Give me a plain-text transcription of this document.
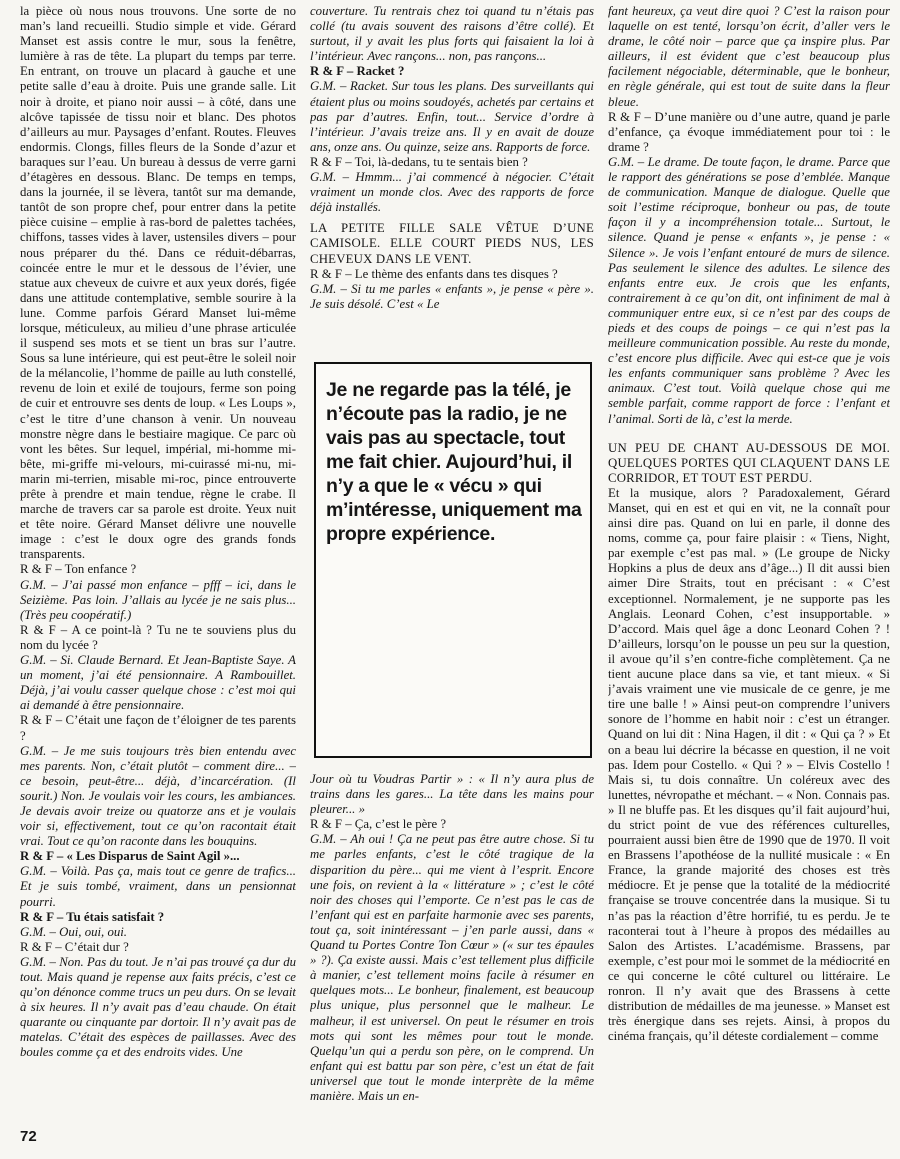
la pièce où nous nous trouvons. Une sorte de no man’s land recueilli. Studio simple et vide. Gérard Manset est assis contre le mur, sous la fenêtre, lumière à ras de tête. La plupart du temps par terre. En entrant, on trouve un placard à gauche et une petite salle d’eau à droite. Puis une grande salle. Lit noir à droite, et piano noir aussi – à côté, dans une alcôve tapissée de tissu noir et blanc. Des photos d’ailleurs au mur. Paysages d’enfant. Routes. Fleuves endormis. Clongs, filles fleurs de la Sonde d’azur et baraques sur l’eau. Un bureau à dessus de verre garni d’étagères en dessous. Blanc. De temps en temps, dans la journée, il se lèvera, tantôt sur ma demande, tantôt de son propre chef, pour entrer dans la petite pièce cuisine – emplie à ras-bord de palettes tachées, chiffons, tasses vides à laver, ustensiles divers – pour nous préparer du thé. Dans ce réduit-débarras, coincée entre le mur et le dessous de l’évier, une statue aux cheveux de cuivre et aux yeux dorés, figée dans une attitude contemplative, semble sourire à la lune. Comme parfois Gérard Manset lui-même lorsque, méticuleux, au milieu d’une phrase articulée il suspend ses mots et se tient un bras sur l’autre. Sous sa lune intérieure, qui est peut-être le soleil noir de la mélancolie, l’homme de paille au luth constellé, revenu de loin et exilé de toujours, ferme son poing de cuir et entrouvre ses dents de loup. « Les Loups », c’est le titre d’une chanson à venir. Un nouveau monstre nègre dans le bestiaire magique. Ce parc où vont les bêtes. Sur lequel, impérial, mi-homme mi-bête, mi-griffe mi-velours, mi-cuirassé mi-nu, mi-marin mi-terrien, misable mi-roc, pince entrouverte prête à prendre et main tendue, règne le crabe. Il marche de travers car sa parole est droite. Yeux nuit et tête noire. Gérard Manset délivre une nouvelle image : c’est le doux ogre des grands fonds transparents.

R & F – Ton enfance ?

G.M. – J’ai passé mon enfance – pfff – ici, dans le Seizième. Pas loin. J’allais au lycée je ne sais plus... (Très peu coopératif.)

R & F – A ce point-là ? Tu ne te souviens plus du nom du lycée ?

G.M. – Si. Claude Bernard. Et Jean-Baptiste Saye. A un moment, j’ai été pensionnaire. A Rambouillet. Déjà, j’ai voulu casser quelque chose : c’est moi qui ai demandé à être pensionnaire.

R & F – C’était une façon de t’éloigner de tes parents ?

G.M. – Je me suis toujours très bien entendu avec mes parents. Non, c’était plutôt – comment dire... – ce besoin, peut-être... déjà, d’incarcération. (Il sourit.) Non. Je voulais voir les cours, les ambiances. Je devais avoir treize ou quatorze ans et je voulais voir si, effectivement, tout ce qu’on racontait était vrai. Tout ce qu’on raconte dans les bouquins.

R & F – « Les Disparus de Saint Agil »...

G.M. – Voilà. Pas ça, mais tout ce genre de trafics... Et je suis tombé, vraiment, dans un pensionnat pourri.

R & F – Tu étais satisfait ?

G.M. – Oui, oui, oui.

R & F – C’était dur ?

G.M. – Non. Pas du tout. Je n’ai pas trouvé ça dur du tout. Mais quand je repense aux faits précis, c’est ce qu’on dénonce comme trucs un peu durs. On se levait à six heures. Il n’y avait pas d’eau chaude. On était quarante ou cinquante par dortoir. Il n’y avait pas de matelas. C’était des espèces de paillasses. Avec des boules comme ça et des endroits vides. Une

couverture. Tu rentrais chez toi quand tu n’étais pas collé (tu avais souvent des raisons d’être collé). Et surtout, il y avait les plus forts qui faisaient la loi à l’intérieur. Avec rançons... non, pas rançons...

R & F – Racket ?

G.M. – Racket. Sur tous les plans. Des surveillants qui étaient plus ou moins soudoyés, achetés par certains et pas par d’autres. Enfin, tout... Service d’ordre à l’intérieur. J’avais treize ans. Il y en avait de douze ans, onze ans. Ou quinze, seize ans. Rapports de force.

R & F – Toi, là-dedans, tu te sentais bien ?

G.M. – Hmmm... j’ai commencé à négocier. C’était vraiment un monde clos. Avec des rapports de force déjà installés.

LA PETITE FILLE SALE VÊTUE D’UNE CAMISOLE. ELLE COURT PIEDS NUS, LES CHEVEUX DANS LE VENT.

R & F – Le thème des enfants dans tes disques ?

G.M. – Si tu me parles « enfants », je pense « père ». Je suis désolé. C’est « Le

Je ne regarde pas la télé, je n’écoute pas la radio, je ne vais pas au spectacle, tout me fait chier. Aujourd’hui, il n’y a que le « vécu » qui m’intéresse, uniquement ma propre expérience.

Jour où tu Voudras Partir » : « Il n’y aura plus de trains dans les gares... La tête dans les mains pour pleurer... »

R & F – Ça, c’est le père ?

G.M. – Ah oui ! Ça ne peut pas être autre chose. Si tu me parles enfants, c’est le côté tragique de la disparition du père... qui me vient à l’esprit. Encore une fois, on revient à la « littérature » ; c’est le côté noir des choses qui l’emporte. Ce n’est pas le cas de l’enfant qui est en parfaite harmonie avec ses parents, tout ça, soit inintéressant – j’en parle aussi, dans « Quand tu Portes Contre Ton Cœur » (« sur tes épaules » ?). Ça existe aussi. Mais c’est tellement plus difficile à manier, c’est tellement moins facile à résumer en quelques mots... Le bonheur, finalement, est beaucoup plus unique, plus personnel que le malheur. Le malheur, il est universel. On peut le résumer en trois mots qui sont les mêmes pour tout le monde. Quelqu’un qui a perdu son père, on le comprend. Un enfant qui est battu par son père, c’est un état de fait universel que tout le monde interprète de la même manière. Mais un en-

fant heureux, ça veut dire quoi ? C’est la raison pour laquelle on est tenté, lorsqu’on écrit, d’aller vers le drame, le côté noir – parce que ça inspire plus. Par ailleurs, il est évident que c’est beaucoup plus facilement négociable, déterminable, que le bonheur, en règle générale, qui est tout de suite dans la fleur bleue.

R & F – D’une manière ou d’une autre, quand je parle d’enfance, ça évoque immédiatement pour toi : le drame ?

G.M. – Le drame. De toute façon, le drame. Parce que le rapport des générations se pose d’emblée. Manque de communication. Manque de dialogue. Quelle que soit l’estime réciproque, bonheur ou pas, de toute façon il y a incompréhension totale... Surtout, le silence. Quand je pense « enfants », je pense : « Silence ». Je vois l’enfant entouré de murs de silence. Pas seulement le silence des adultes. Le silence des enfants entre eux. Je crois que les enfants, contrairement à ce qu’on dit, ont infiniment de mal à communiquer entre eux, si ce n’est par des coups de pieds et des coups de poings – ce qui n’est pas la meilleure communication possible. Au reste du monde, c’est encore plus difficile. Avec qui est-ce que je vois les enfants communiquer sans problème ? Avec les animaux. C’est tout. Voilà quelque chose qui me semble parfait, comme rapport de force : l’enfant et l’animal. Sorti de là, c’est la merde.

UN PEU DE CHANT AU-DESSOUS DE MOI. QUELQUES PORTES QUI CLAQUENT DANS LE CORRIDOR, ET TOUT EST PERDU.

Et la musique, alors ? Paradoxalement, Gérard Manset, qui en est et qui en vit, ne la connaît pour ainsi dire pas. Quand on lui en parle, il donne des noms, comme ça, pour faire plaisir : « Tiens, Night, par exemple c’est pas mal. » (Le groupe de Nicky Hopkins a plus de deux ans d’âge...) Il dit aussi bien aimer Dire Straits, tout en précisant : « C’est exceptionnel. Normalement, je ne supporte pas les Anglais. Leonard Cohen, c’est insupportable. » D’accord. Mais quel âge a donc Leonard Cohen ? ! D’ailleurs, lorsqu’on le pousse un peu sur la question, il avoue qu’il s’en contre-fiche complètement. Ça ne tient aucune place dans sa vie, et tant mieux. « Si j’avais vraiment une vie musicale de ce genre, je me tire une balle ! » Ainsi peut-on comprendre l’univers sonore de l’homme en habit noir : c’est un étranger. Quand on lui dit : Nina Hagen, il dit : « Qui ça ? » Et on a beau lui décrire la bécasse en question, il ne voit pas. Idem pour Costello. « Qui ? » – Elvis Costello ! Mais si, tu dois connaître. Un coléreux avec des lunettes, névropathe et méchant. – « Non. Connais pas. » Il ne bluffe pas. Et les disques qu’il fait aujourd’hui, du strict point de vue des références culturelles, pourraient aussi bien être de 1990 que de 1970. Il voit en Brassens l’apothéose de la nullité musicale : « En France, la grande majorité des choses est très médiocre. Et je pense que la totalité de la médiocrité française se trouve concentrée dans la musique. Si tu n’as pas la réaction d’être horrifié, tu es perdu. Je te raconterai tout à l’heure à propos des médailles au Salon des Artistes. L’académisme. Brassens, par exemple, c’est pour moi le sommet de la médiocrité en ce qui concerne le côté culturel ou littéraire. Le ronron. Il n’y avait que des Brassens à cette distribution de médailles de ma jeunesse. » Manset est très énergique dans ses rejets. Ainsi, à propos du cinéma français, qu’il déteste cordialement – comme

72
